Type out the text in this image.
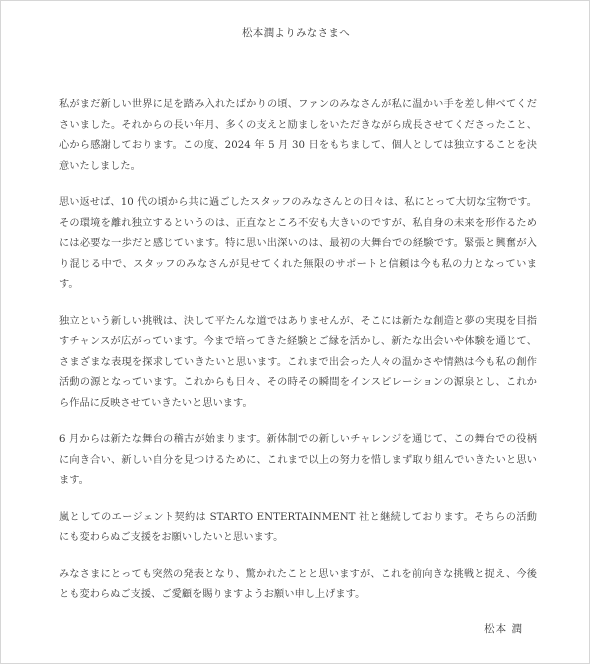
松本潤よりみなさまへ

私がまだ新しい世界に足を踏み入れたばかりの頃、ファンのみなさんが私に温かい手を差し伸べてくださいました。それからの長い年月、多くの支えと励ましをいただきながら成長させてくださったこと、心から感謝しております。この度、2024 年 5 月 30 日をもちまして、個人としては独立することを決意いたしました。

思い返せば、10 代の頃から共に過ごしたスタッフのみなさんとの日々は、私にとって大切な宝物です。その環境を離れ独立するというのは、正直なところ不安も大きいのですが、私自身の未来を形作るためには必要な一歩だと感じています。特に思い出深いのは、最初の大舞台での経験です。緊張と興奮が入り混じる中で、スタッフのみなさんが見せてくれた無限のサポートと信頼は今も私の力となっています。

独立という新しい挑戦は、決して平たんな道ではありませんが、そこには新たな創造と夢の実現を目指すチャンスが広がっています。今まで培ってきた経験とご縁を活かし、新たな出会いや体験を通じて、さまざまな表現を探求していきたいと思います。これまで出会った人々の温かさや情熱は今も私の創作活動の源となっています。これからも日々、その時その瞬間をインスピレーションの源泉とし、これから作品に反映させていきたいと思います。

6 月からは新たな舞台の稽古が始まります。新体制での新しいチャレンジを通じて、この舞台での役柄に向き合い、新しい自分を見つけるために、これまで以上の努力を惜しまず取り組んでいきたいと思います。

嵐としてのエージェント契約は STARTO ENTERTAINMENT 社と継続しております。そちらの活動にも変わらぬご支援をお願いしたいと思います。

みなさまにとっても突然の発表となり、驚かれたことと思いますが、これを前向きな挑戦と捉え、今後とも変わらぬご支援、ご愛顧を賜りますようお願い申し上げます。

松本 潤
